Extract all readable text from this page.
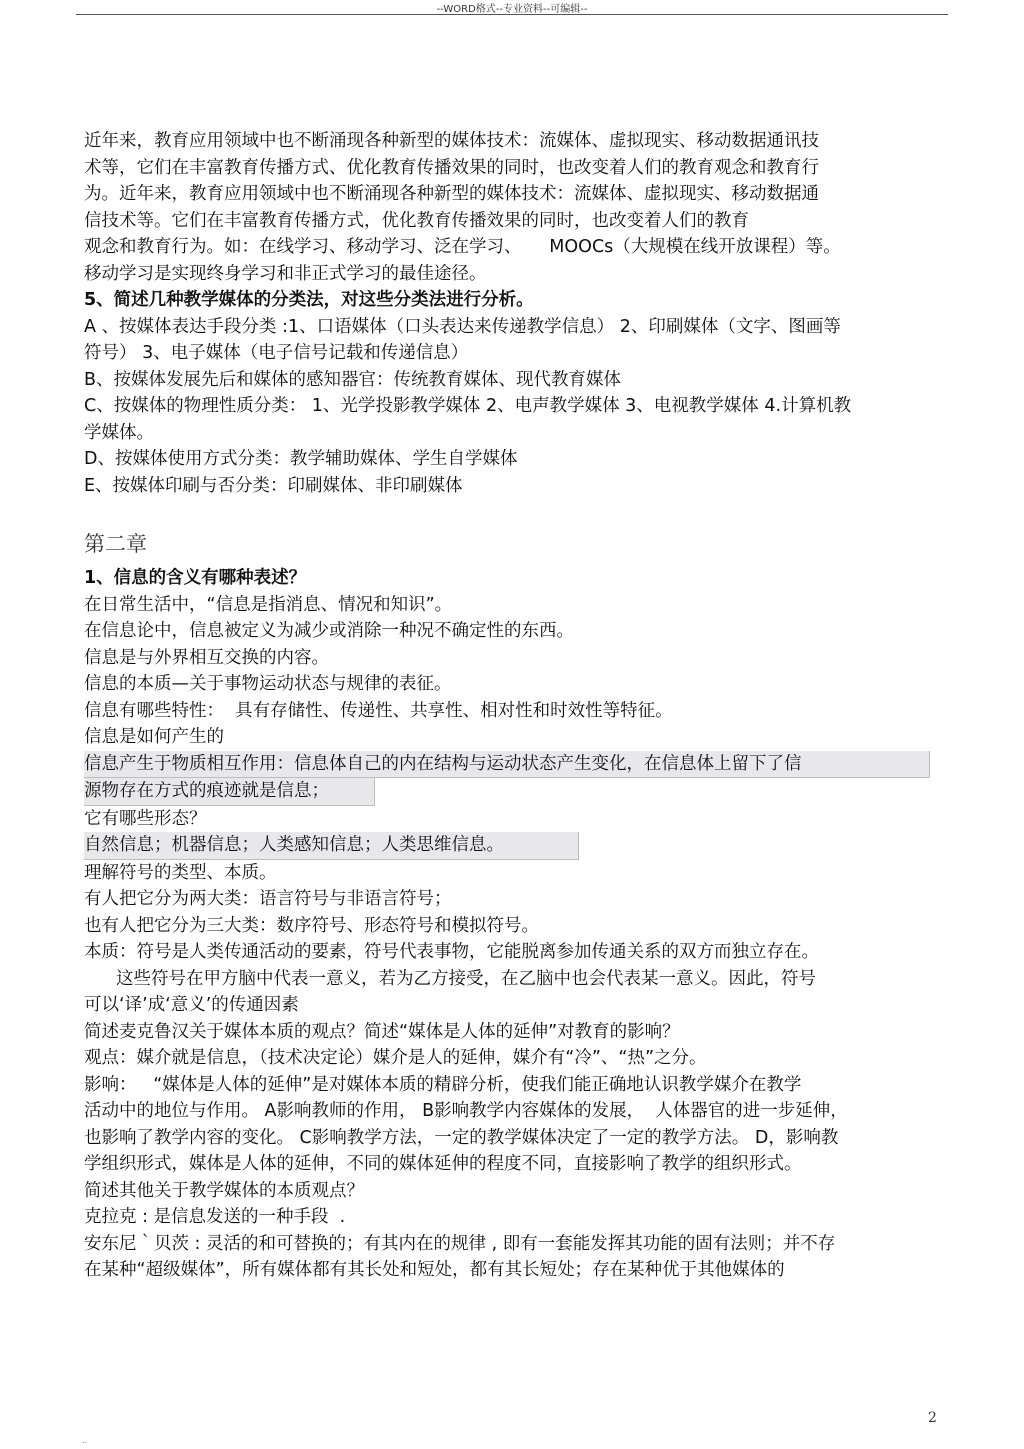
--WORD格式--专业资料--可编辑--
近年来，教育应用领域中也不断涌现各种新型的媒体技术：流媒体、虚拟现实、移动数据通讯技
术等，它们在丰富教育传播方式、优化教育传播效果的同时，也改变着人们的教育观念和教育行
为。近年来，教育应用领域中也不断涌现各种新型的媒体技术：流媒体、虚拟现实、移动数据通
信技术等。它们在丰富教育传播方式，优化教育传播效果的同时，也改变着人们的教育
观念和教育行为。如：在线学习、移动学习、泛在学习、     MOOCs（大规模在线开放课程）等。
移动学习是实现终身学习和非正式学习的最佳途径。
5、简述几种教学媒体的分类法，对这些分类法进行分析。
A 、按媒体表达手段分类 :1、口语媒体（口头表达来传递教学信息） 2、印刷媒体（文字、图画等
符号） 3、电子媒体（电子信号记载和传递信息）
B、按媒体发展先后和媒体的感知器官：传统教育媒体、现代教育媒体
C、按媒体的物理性质分类： 1、光学投影教学媒体 2、电声教学媒体 3、电视教学媒体 4.计算机教
学媒体。
D、按媒体使用方式分类：教学辅助媒体、学生自学媒体
E、按媒体印刷与否分类：印刷媒体、非印刷媒体
第二章
1、信息的含义有哪种表述？
在日常生活中，“信息是指消息、情况和知识”。
在信息论中，信息被定义为减少或消除一种况不确定性的东西。
信息是与外界相互交换的内容。
信息的本质—关于事物运动状态与规律的表征。
信息有哪些特性：  具有存储性、传递性、共享性、相对性和时效性等特征。
信息是如何产生的
信息产生于物质相互作用：信息体自己的内在结构与运动状态产生变化，在信息体上留下了信
源物存在方式的痕迹就是信息；
它有哪些形态？
自然信息；机器信息；人类感知信息；人类思维信息。
理解符号的类型、本质。
有人把它分为两大类：语言符号与非语言符号；
也有人把它分为三大类：数序符号、形态符号和模拟符号。
本质：符号是人类传通活动的要素，符号代表事物，它能脱离参加传通关系的双方而独立存在。
这些符号在甲方脑中代表一意义，若为乙方接受，在乙脑中也会代表某一意义。因此，符号
可以‘译’成‘意义’的传通因素
简述麦克鲁汉关于媒体本质的观点？简述“媒体是人体的延伸”对教育的影响？
观点：媒介就是信息，（技术决定论）媒介是人的延伸，媒介有“冷”、“热”之分。
影响：   “媒体是人体的延伸”是对媒体本质的精辟分析，使我们能正确地认识教学媒介在教学
活动中的地位与作用。 A影响教师的作用， B影响教学内容媒体的发展，  人体器官的进一步延伸，
也影响了教学内容的变化。 C影响教学方法，一定的教学媒体决定了一定的教学方法。 D，影响教
学组织形式，媒体是人体的延伸，不同的媒体延伸的程度不同，直接影响了教学的组织形式。
简述其他关于教学媒体的本质观点？
克拉克 : 是信息发送的一种手段  .
安东尼｀贝茨 : 灵活的和可替换的；有其内在的规律 , 即有一套能发挥其功能的固有法则；并不存
在某种“超级媒体”，所有媒体都有其长处和短处，都有其长短处；存在某种优于其他媒体的
2
..
